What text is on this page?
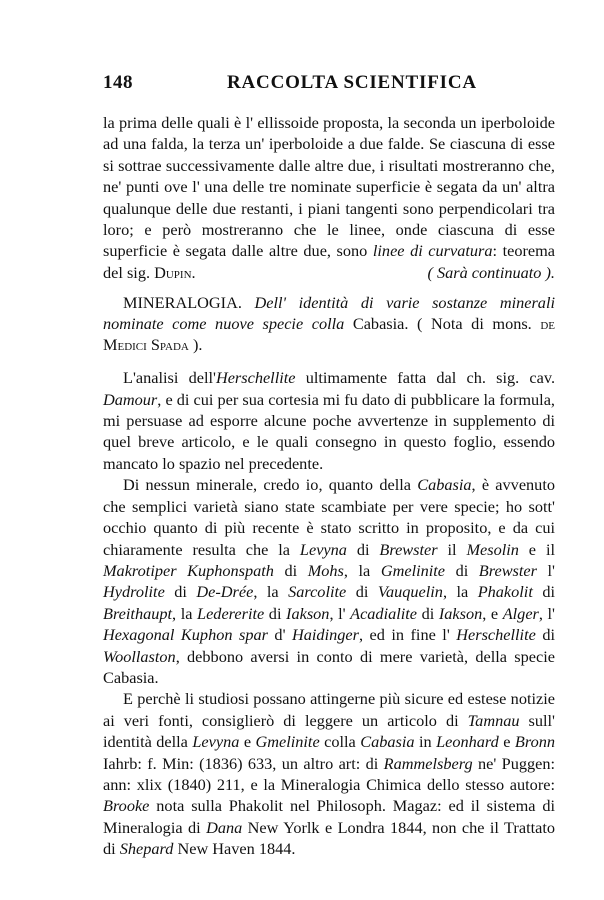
148	RACCOLTA SCIENTIFICA

la prima delle quali è l' ellissoide proposta, la seconda un iperboloide ad una falda, la terza un' iperboloide a due falde. Se ciascuna di esse si sottrae successivamente dalle altre due, i risultati mostreranno che, ne' punti ove l' una delle tre nominate superficie è segata da un' altra qualunque delle due restanti, i piani tangenti sono perpendicolari tra loro; e però mostreranno che le linee, onde ciascuna di esse superficie è segata dalle altre due, sono linee di curvatura: teorema del sig. Dupin.	( Sarà continuato ).

MINERALOGIA. Dell' identità di varie sostanze minerali nominate come nuove specie colla Cabasia. ( Nota di mons. de Medici Spada ).

L'analisi dell'Herschellite ultimamente fatta dal ch. sig. cav. Damour, e di cui per sua cortesia mi fu dato di pubblicare la formula, mi persuase ad esporre alcune poche avvertenze in supplemento di quel breve articolo, e le quali consegno in questo foglio, essendo mancato lo spazio nel precedente.

Di nessun minerale, credo io, quanto della Cabasia, è avvenuto che semplici varietà siano state scambiate per vere specie; ho sott' occhio quanto di più recente è stato scritto in proposito, e da cui chiaramente resulta che la Levyna di Brewster il Mesolin e il Makrotiper Kuphonspath di Mohs, la Gmelinite di Brewster l' Hydrolite di De-Drée, la Sarcolite di Vauquelin, la Phakolit di Breithaupt, la Ledererite di Iakson, l' Acadialite di Iakson, e Alger, l' Hexagonal Kuphon spar d' Haidinger, ed in fine l' Herschellite di Woollaston, debbono aversi in conto di mere varietà, della specie Cabasia.

E perchè li studiosi possano attingerne più sicure ed estese notizie ai veri fonti, consiglierò di leggere un articolo di Tamnau sull' identità della Levyna e Gmelinite colla Cabasia in Leonhard e Bronn Iahrb: f. Min: (1836) 633, un altro art: di Rammelsberg ne' Puggen: ann: xlix (1840) 211, e la Mineralogia Chimica dello stesso autore: Brooke nota sulla Phakolit nel Philosoph. Magaz: ed il sistema di Mineralogia di Dana New Yorlk e Londra 1844, non che il Trattato di Shepard New Haven 1844.
